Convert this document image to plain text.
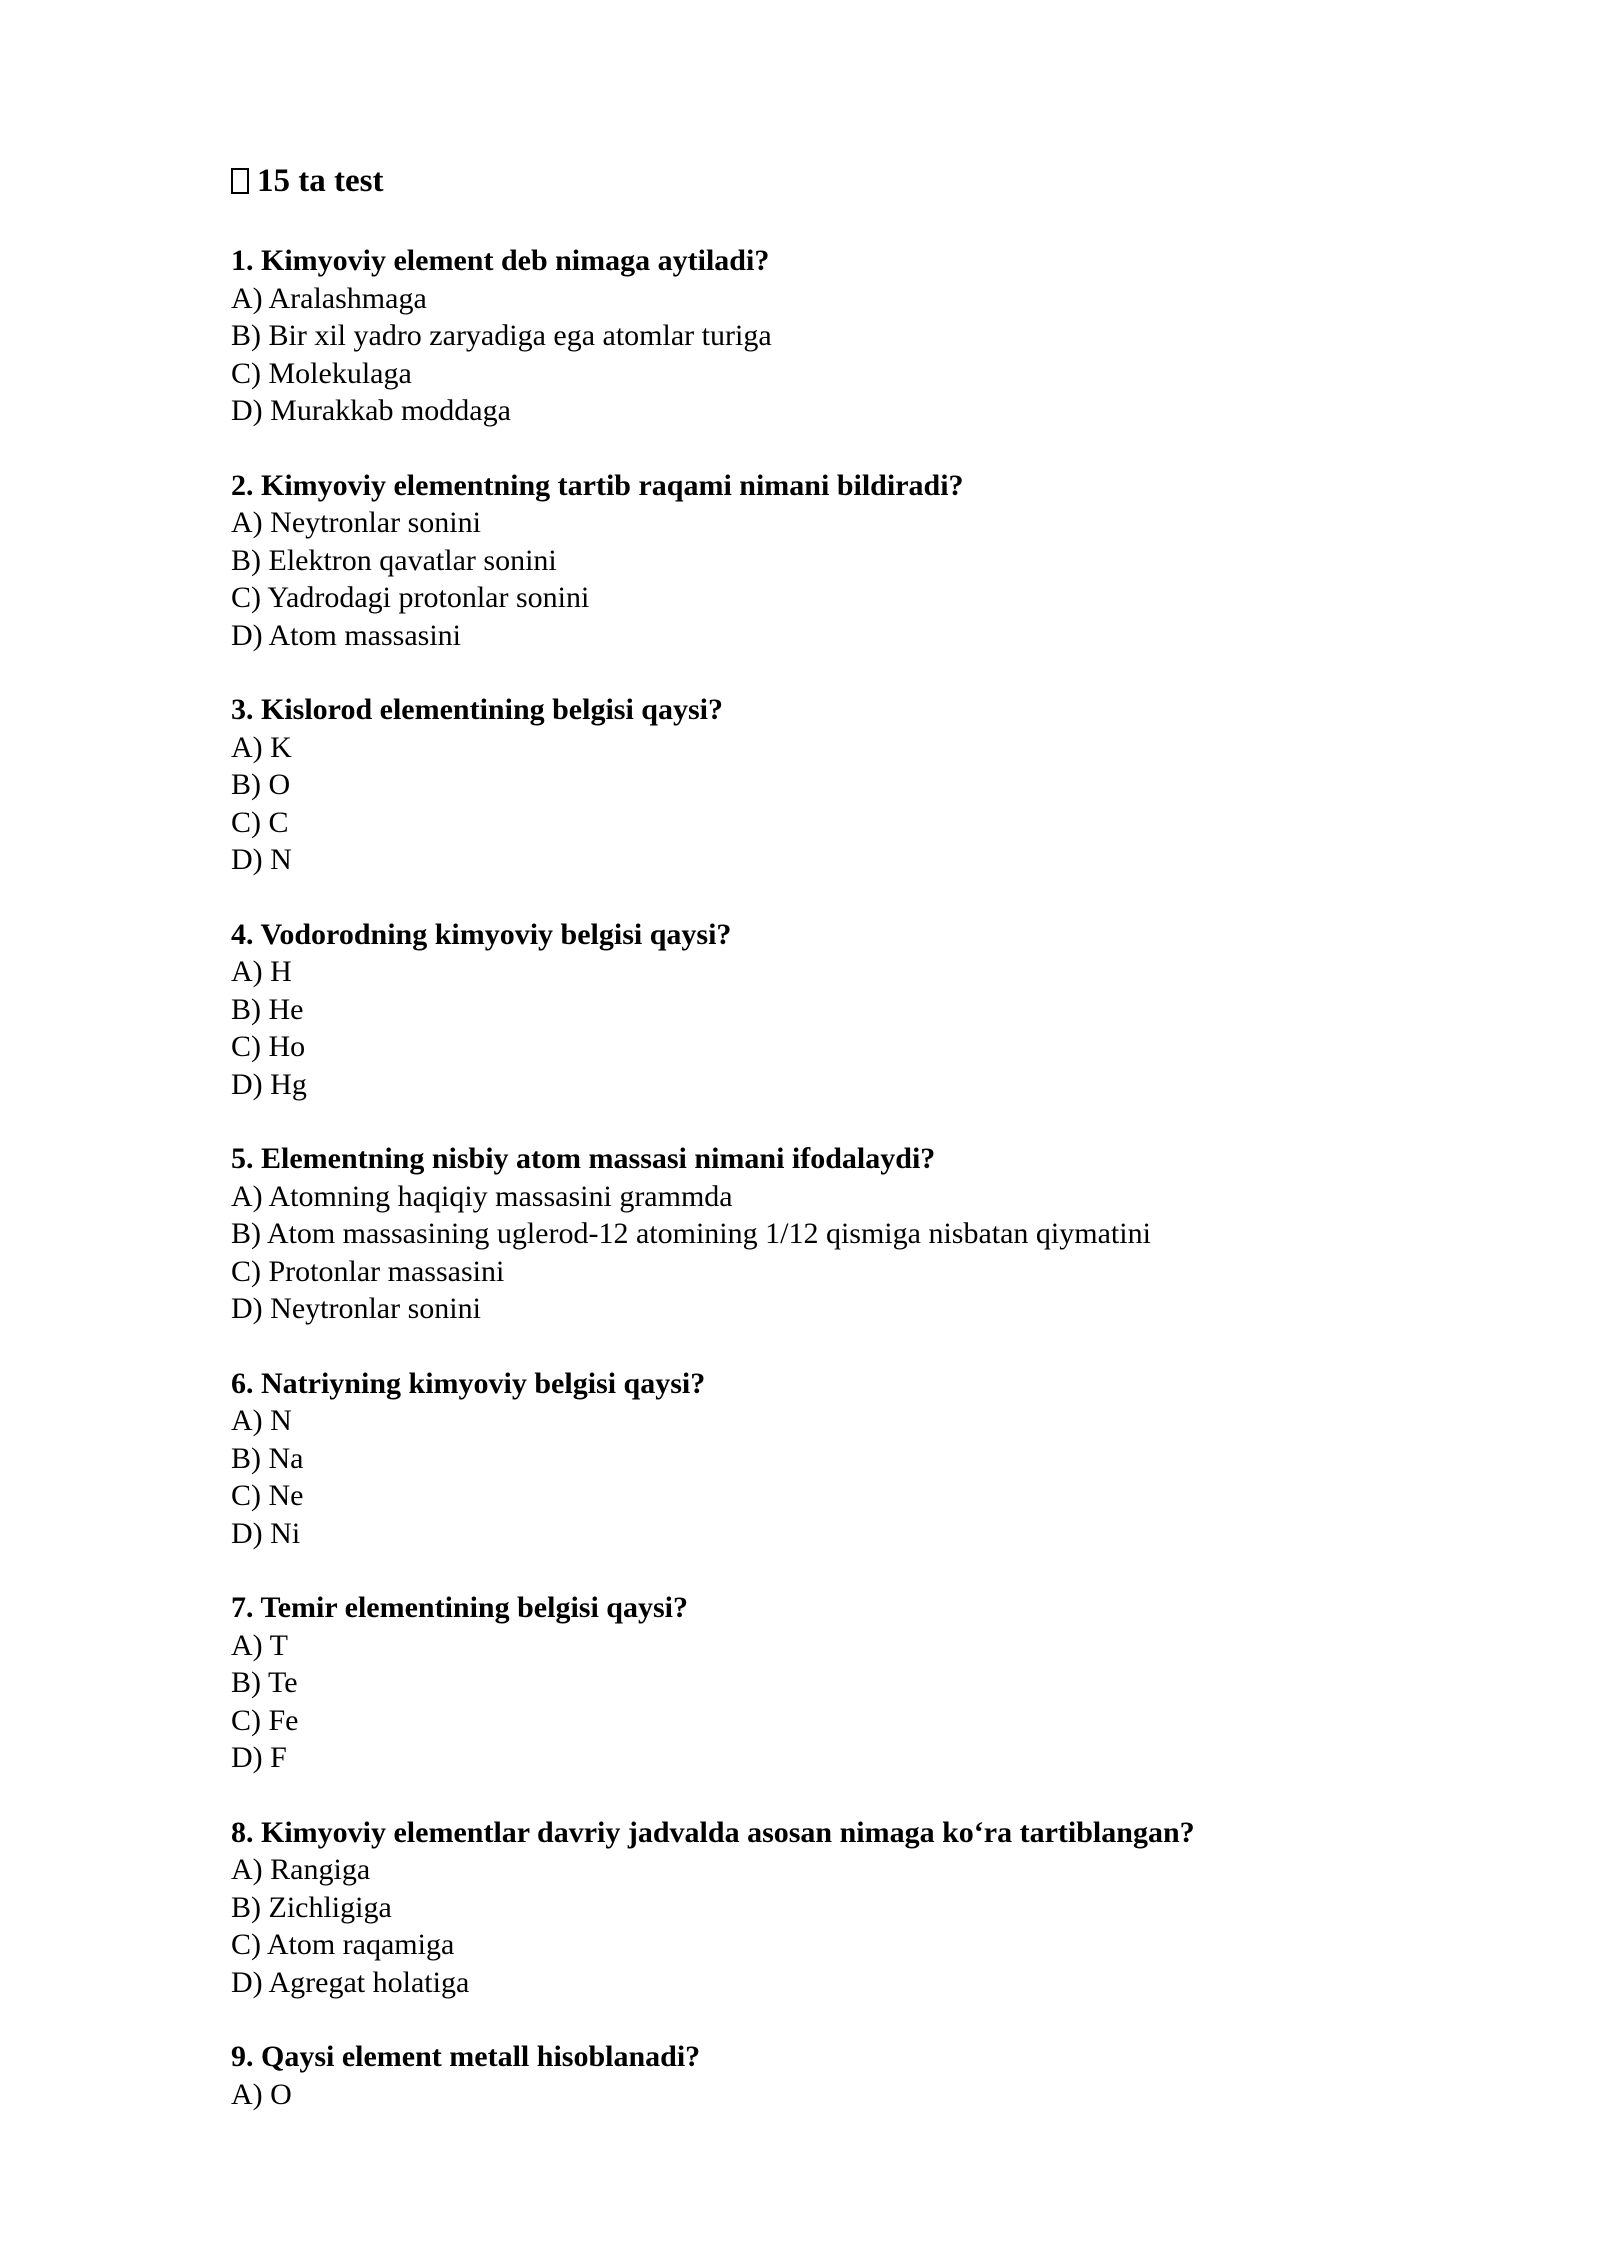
15 ta test
1. Kimyoviy element deb nimaga aytiladi?
A) Aralashmaga
B) Bir xil yadro zaryadiga ega atomlar turiga
C) Molekulaga
D) Murakkab moddaga
2. Kimyoviy elementning tartib raqami nimani bildiradi?
A) Neytronlar sonini
B) Elektron qavatlar sonini
C) Yadrodagi protonlar sonini
D) Atom massasini
3. Kislorod elementining belgisi qaysi?
A) K
B) O
C) C
D) N
4. Vodorodning kimyoviy belgisi qaysi?
A) H
B) He
C) Ho
D) Hg
5. Elementning nisbiy atom massasi nimani ifodalaydi?
A) Atomning haqiqiy massasini grammda
B) Atom massasining uglerod-12 atomining 1/12 qismiga nisbatan qiymatini
C) Protonlar massasini
D) Neytronlar sonini
6. Natriyning kimyoviy belgisi qaysi?
A) N
B) Na
C) Ne
D) Ni
7. Temir elementining belgisi qaysi?
A) T
B) Te
C) Fe
D) F
8. Kimyoviy elementlar davriy jadvalda asosan nimaga ko‘ra tartiblangan?
A) Rangiga
B) Zichligiga
C) Atom raqamiga
D) Agregat holatiga
9. Qaysi element metall hisoblanadi?
A) O
